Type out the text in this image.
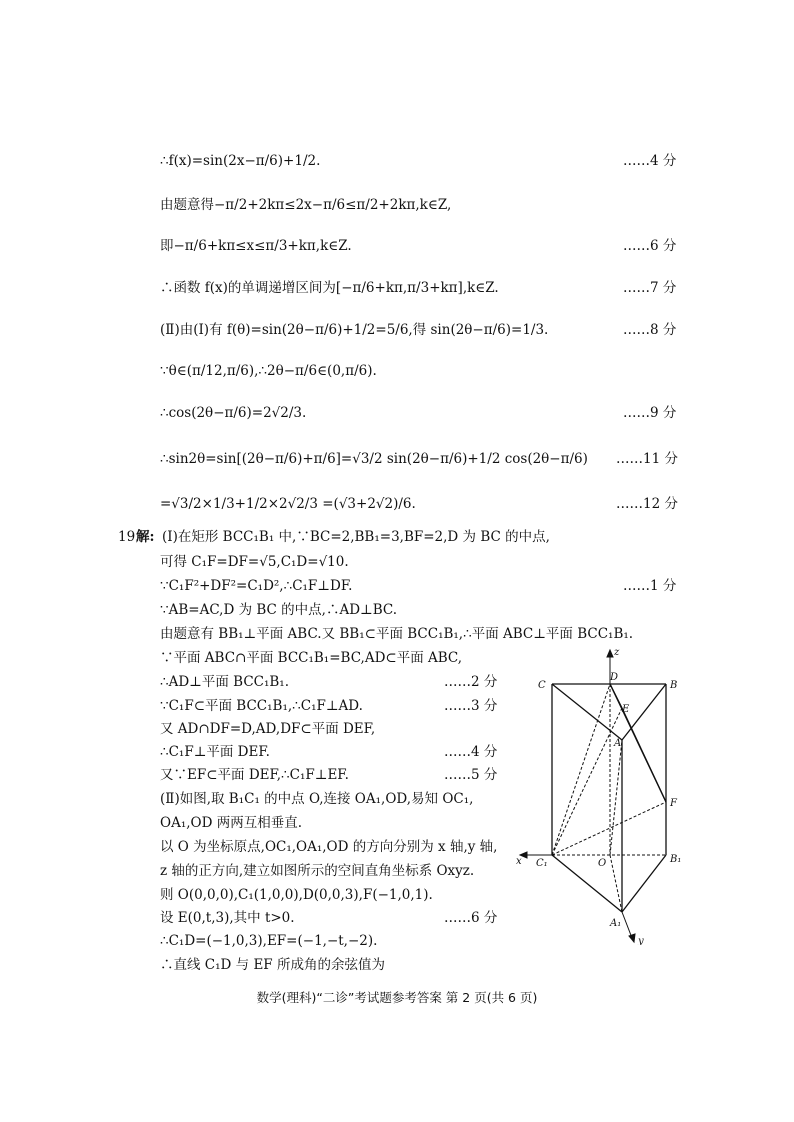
∴f(x)=sin(2x−π/6)+1/2.	……4 分
由题意得−π/2+2kπ≤2x−π/6≤π/2+2kπ,k∈Z,
即−π/6+kπ≤x≤π/3+kπ,k∈Z.	……6 分
∴函数 f(x)的单调递增区间为[−π/6+kπ,π/3+kπ],k∈Z.	……7 分
(Ⅱ)由(Ⅰ)有 f(θ)=sin(2θ−π/6)+1/2=5/6,得 sin(2θ−π/6)=1/3.	……8 分
∵θ∈(π/12,π/6),∴2θ−π/6∈(0,π/6).
∴cos(2θ−π/6)=2√2/3.	……9 分
∴sin2θ=sin[(2θ−π/6)+π/6]=√3/2 sin(2θ−π/6)+1/2 cos(2θ−π/6) ……11 分
=√3/2×1/3+1/2×2√2/3 =(√3+2√2)/6.	……12 分
19.
解: (Ⅰ)在矩形 BCC₁B₁ 中,∵BC=2,BB₁=3,BF=2,D 为 BC 的中点,
可得 C₁F=DF=√5,C₁D=√10.
∵C₁F²+DF²=C₁D²,∴C₁F⊥DF.	……1 分
∵AB=AC,D 为 BC 的中点,∴AD⊥BC.
由题意有 BB₁⊥平面 ABC.又 BB₁⊂平面 BCC₁B₁,∴平面 ABC⊥平面 BCC₁B₁.
∵平面 ABC∩平面 BCC₁B₁=BC,AD⊂平面 ABC,
∴AD⊥平面 BCC₁B₁.	……2 分
∵C₁F⊂平面 BCC₁B₁,∴C₁F⊥AD.	……3 分
又 AD∩DF=D,AD,DF⊂平面 DEF,
∴C₁F⊥平面 DEF.	……4 分
又∵EF⊂平面 DEF,∴C₁F⊥EF.	……5 分
(Ⅱ)如图,取 B₁C₁ 的中点 O,连接 OA₁,OD,易知 OC₁,
OA₁,OD 两两互相垂直.
以 O 为坐标原点,OC₁,OA₁,OD 的方向分别为 x 轴,y 轴,
z 轴的正方向,建立如图所示的空间直角坐标系 Oxyz.
则 O(0,0,0),C₁(1,0,0),D(0,0,3),F(−1,0,1).
设 E(0,t,3),其中 t>0.	……6 分
∴C₁D=(−1,0,3),EF=(−1,−t,−2).
∴直线 C₁D 与 EF 所成角的余弦值为
z
D
C	B
E
A
F
x C₁	O	B₁
A₁
y
数学(理科)“二诊”考试题参考答案 第 2 页(共 6 页)
